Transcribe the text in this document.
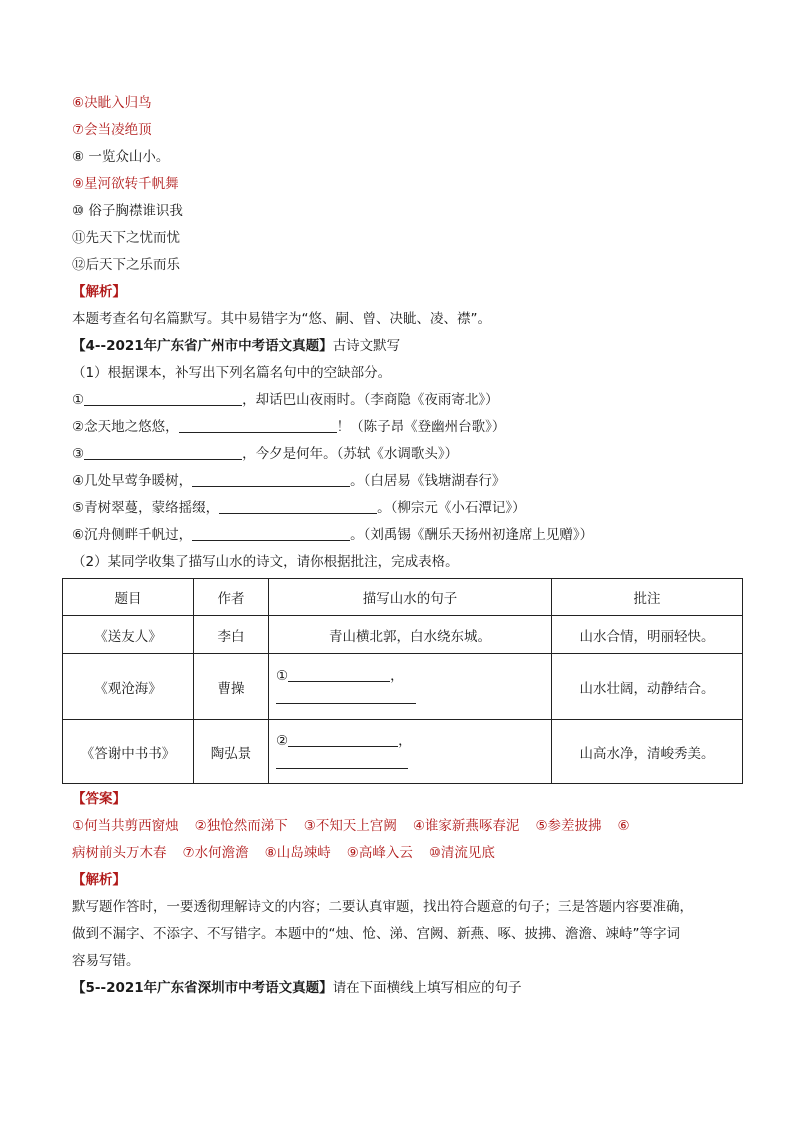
⑥决眦入归鸟
⑦会当凌绝顶
⑧ 一览众山小。
⑨星河欲转千帆舞
⑩ 俗子胸襟谁识我
⑪先天下之忧而忧
⑫后天下之乐而乐
【解析】
本题考查名句名篇默写。其中易错字为“悠、嗣、曾、决眦、凌、襟”。
【4--2021年广东省广州市中考语文真题】古诗文默写
（1）根据课本，补写出下列名篇名句中的空缺部分。
①	，却话巴山夜雨时。（李商隐《夜雨寄北》）
②念天地之悠悠，	！（陈子昂《登幽州台歌》）
③	，今夕是何年。（苏轼《水调歌头》）
④几处早莺争暖树，	。（白居易《钱塘湖春行》
⑤青树翠蔓，蒙络摇缀，	。（柳宗元《小石潭记》）
⑥沉舟侧畔千帆过，	。（刘禹锡《酬乐天扬州初逢席上见赠》）
（2）某同学收集了描写山水的诗文，请你根据批注，完成表格。
题目	作者	描写山水的句子	批注
《送友人》	李白	青山横北郭，白水绕东城。	山水合情，明丽轻快。
《观沧海》	曹操	① ，	山水壮阔，动静结合。
《答谢中书书》	陶弘景	② ，	山高水净，清峻秀美。
【答案】
①何当共剪西窗烛 ②独怆然而涕下 ③不知天上宫阙 ④谁家新燕啄春泥 ⑤参差披拂 ⑥
病树前头万木春 ⑦水何澹澹 ⑧山岛竦峙 ⑨高峰入云 ⑩清流见底
【解析】
默写题作答时，一要透彻理解诗文的内容；二要认真审题，找出符合题意的句子；三是答题内容要准确，
做到不漏字、不添字、不写错字。本题中的“烛、怆、涕、宫阙、新燕、啄、披拂、澹澹、竦峙”等字词
容易写错。
【5--2021年广东省深圳市中考语文真题】请在下面横线上填写相应的句子
